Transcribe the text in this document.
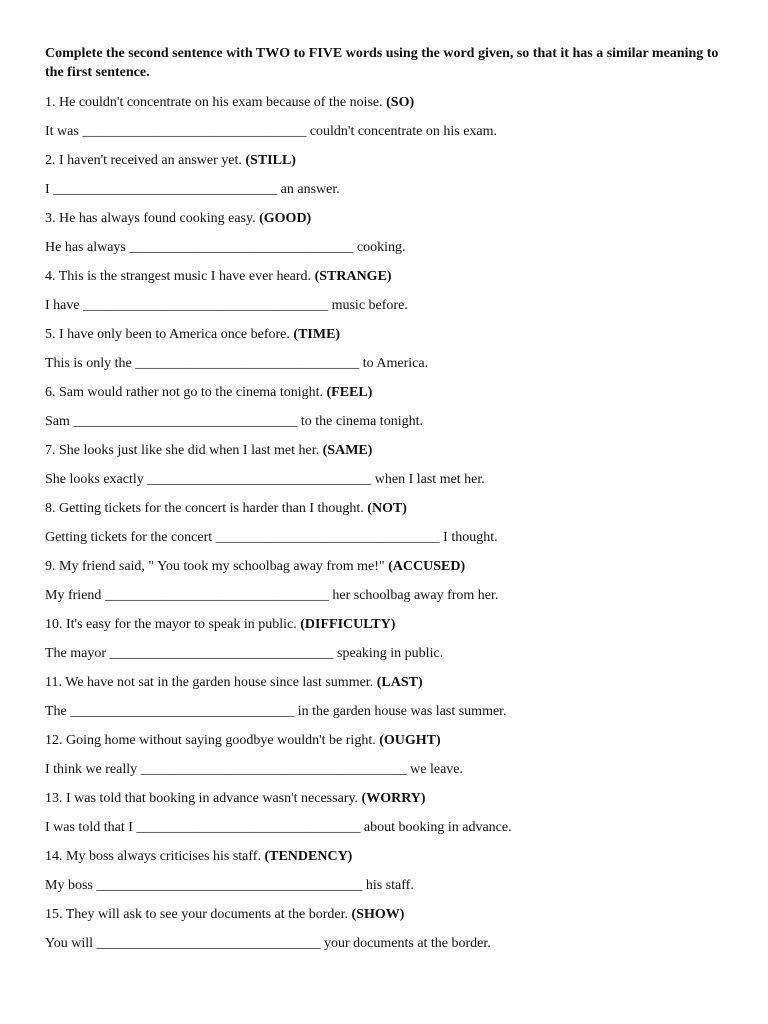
Complete the second sentence with TWO to FIVE words using the word given, so that it has a similar meaning to the first sentence.

1. He couldn't concentrate on his exam because of the noise. (SO)
It was ________________________________ couldn't concentrate on his exam.
2. I haven't received an answer yet. (STILL)
I ________________________________ an answer.
3. He has always found cooking easy. (GOOD)
He has always ________________________________ cooking.
4. This is the strangest music I have ever heard. (STRANGE)
I have ___________________________________ music before.
5. I have only been to America once before. (TIME)
This is only the ________________________________ to America.
6. Sam would rather not go to the cinema tonight. (FEEL)
Sam ________________________________ to the cinema tonight.
7. She looks just like she did when I last met her. (SAME)
She looks exactly ________________________________ when I last met her.
8. Getting tickets for the concert is harder than I thought. (NOT)
Getting tickets for the concert ________________________________ I thought.
9. My friend said, " You took my schoolbag away from me!" (ACCUSED)
My friend ________________________________ her schoolbag away from her.
10. It's easy for the mayor to speak in public. (DIFFICULTY)
The mayor ________________________________ speaking in public.
11. We have not sat in the garden house since last summer. (LAST)
The ________________________________ in the garden house was last summer.
12. Going home without saying goodbye wouldn't be right. (OUGHT)
I think we really ______________________________________ we leave.
13. I was told that booking in advance wasn't necessary. (WORRY)
I was told that I ________________________________ about booking in advance.
14. My boss always criticises his staff. (TENDENCY)
My boss ______________________________________ his staff.
15. They will ask to see your documents at the border. (SHOW)
You will ________________________________ your documents at the border.
